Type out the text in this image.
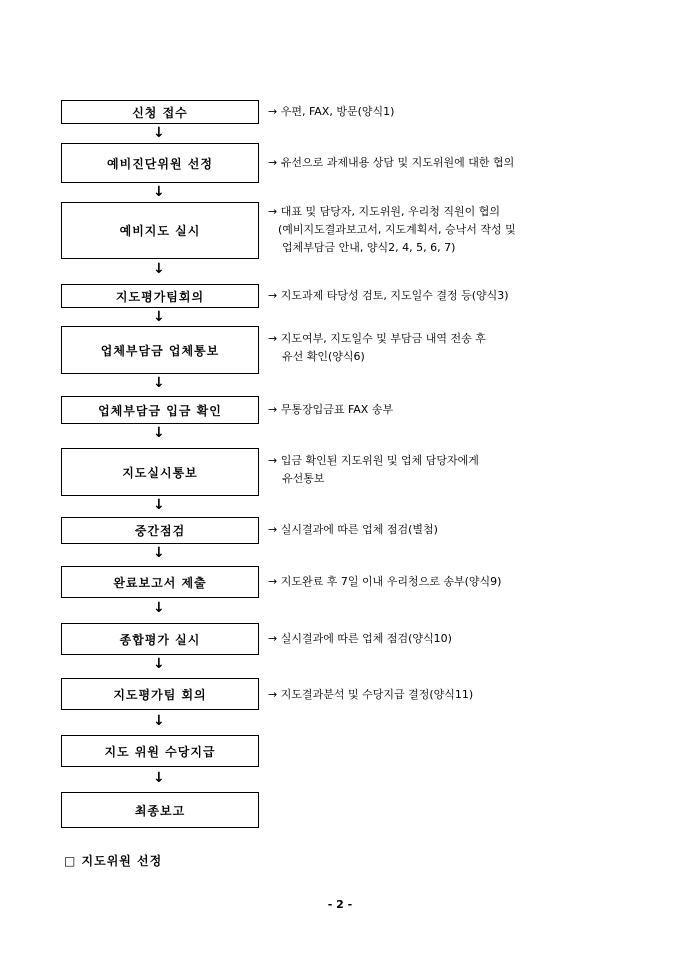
신청 접수
↓
예비진단위원 선정
↓
예비지도 실시
↓
지도평가팀회의
↓
업체부담금 업체통보
↓
업체부담금 입금 확인
↓
지도실시통보
↓
중간점검
↓
완료보고서 제출
↓
종합평가 실시
↓
지도평가팀 회의
↓
지도 위원 수당지급
↓
최종보고
→ 우편, FAX, 방문(양식1)
→ 유선으로 과제내용 상담 및 지도위원에 대한 협의
→ 대표 및 담당자, 지도위원, 우리청 직원이 협의
(예비지도결과보고서, 지도계획서, 승낙서 작성 및
업체부담금 안내, 양식2, 4, 5, 6, 7)
→ 지도과제 타당성 검토, 지도일수 결정 등(양식3)
→ 지도여부, 지도일수 및 부담금 내역 전송 후
유선 확인(양식6)
→ 무통장입금표 FAX 송부
→ 입금 확인된 지도위원 및 업체 담당자에게
유선통보
→ 실시결과에 따른 업체 점검(별첨)
→ 지도완료 후 7일 이내 우리청으로 송부(양식9)
→ 실시결과에 따른 업체 점검(양식10)
→ 지도결과분석 및 수당지급 결정(양식11)
□ 지도위원 선정
- 2 -
